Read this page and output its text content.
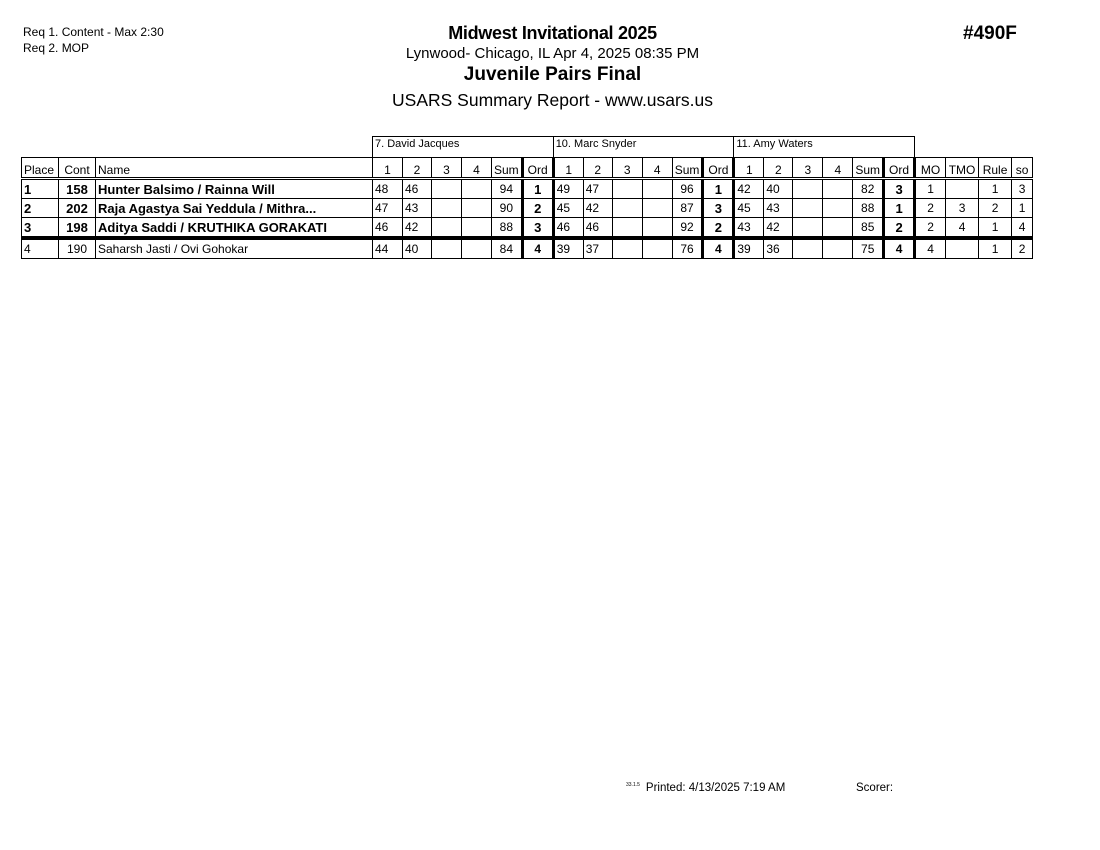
Req 1. Content - Max 2:30
Req 2. MOP
Midwest Invitational 2025
Lynwood- Chicago, IL Apr 4, 2025 08:35 PM
Juvenile Pairs Final
USARS Summary Report - www.usars.us
#490F
			7. David Jacques						10. Marc Snyder						11. Amy Waters									
Place	Cont	Name	1	2	3	4	Sum	Ord	1	2	3	4	Sum	Ord	1	2	3	4	Sum	Ord	MO	TMO	Rule	so
1	158	Hunter Balsimo / Rainna Will	48	46			94	1	49	47			96	1	42	40			82	3	1		1	3
2	202	Raja Agastya Sai Yeddula / Mithra...	47	43			90	2	45	42			87	3	45	43			88	1	2	3	2	1
3	198	Aditya Saddi / KRUTHIKA GORAKATI	46	42			88	3	46	46			92	2	43	42			85	2	2	4	1	4
4	190	Saharsh Jasti / Ovi Gohokar	44	40			84	4	39	37			76	4	39	36			75	4	4		1	2
$^{33.1.5}$ Printed: 4/13/2025 7:19 AM	Scorer:
